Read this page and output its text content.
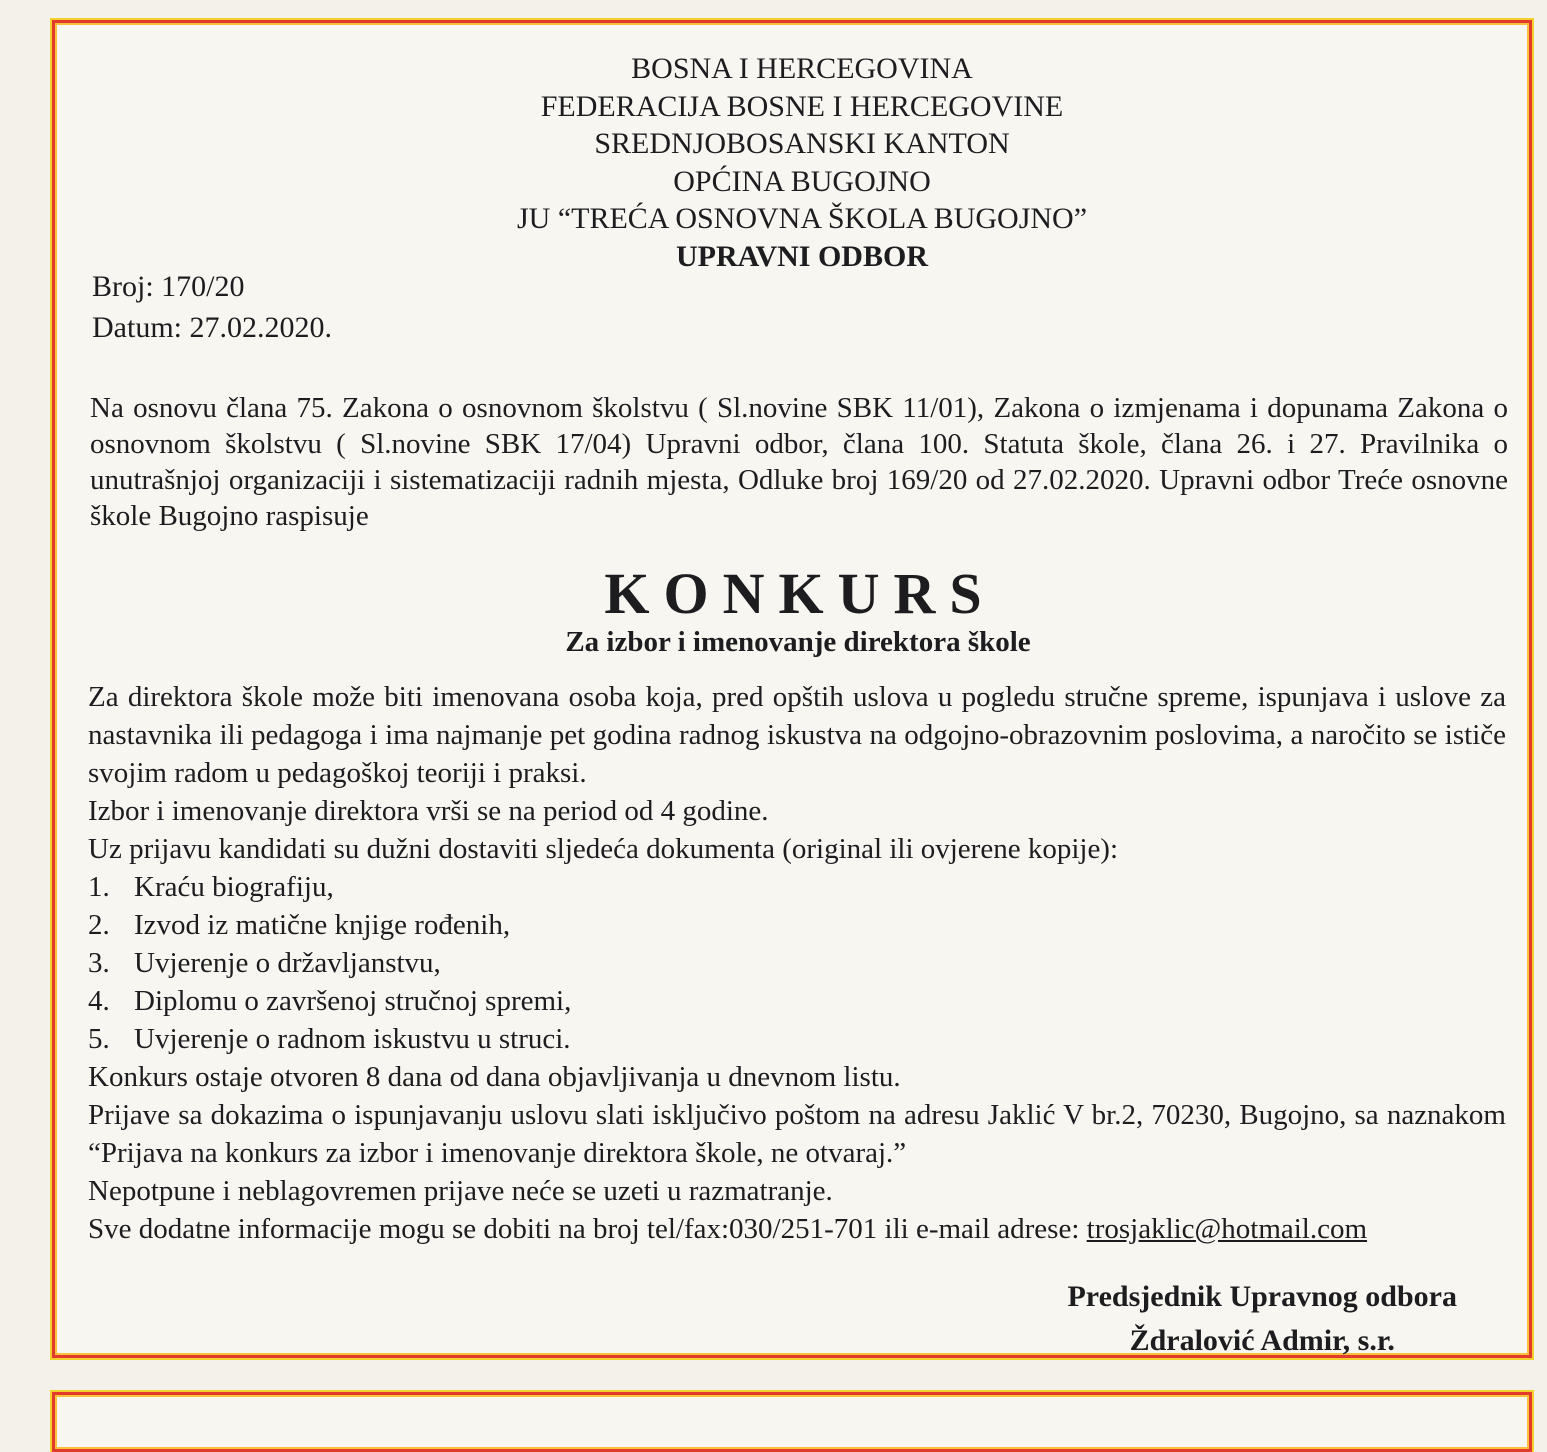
BOSNA I HERCEGOVINA
FEDERACIJA BOSNE I HERCEGOVINE
SREDNJOBOSANSKI KANTON
OPĆINA BUGOJNO
JU “TREĆA OSNOVNA ŠKOLA BUGOJNO”
UPRAVNI ODBOR
Broj: 170/20
Datum: 27.02.2020.
Na osnovu člana 75. Zakona o osnovnom školstvu ( Sl.novine SBK 11/01), Zakona o izmjenama i dopunama Zakona o osnovnom školstvu ( Sl.novine SBK 17/04) Upravni odbor, člana 100. Statuta škole, člana 26. i 27. Pravilnika o unutrašnjoj organizaciji i sistematizaciji radnih mjesta, Odluke broj 169/20 od 27.02.2020. Upravni odbor Treće osnovne škole Bugojno raspisuje
KONKURS
Za izbor i imenovanje direktora škole

Za direktora škole može biti imenovana osoba koja, pred opštih uslova u pogledu stručne spreme, ispunjava i uslove za nastavnika ili pedagoga i ima najmanje pet godina radnog iskustva na odgojno-obrazovnim poslovima, a naročito se ističe svojim radom u pedagoškoj teoriji i praksi.

Izbor i imenovanje direktora vrši se na period od 4 godine.

Uz prijavu kandidati su dužni dostaviti sljedeća dokumenta (original ili ovjerene kopije):

1. Kraću biografiju,
2. Izvod iz matične knjige rođenih,
3. Uvjerenje o državljanstvu,
4. Diplomu o završenoj stručnoj spremi,
5. Uvjerenje o radnom iskustvu u struci.

Konkurs ostaje otvoren 8 dana od dana objavljivanja u dnevnom listu.

Prijave sa dokazima o ispunjavanju uslovu slati isključivo poštom na adresu Jaklić V br.2, 70230, Bugojno, sa naznakom “Prijava na konkurs za izbor i imenovanje direktora škole, ne otvaraj.”

Nepotpune i neblagovremen prijave neće se uzeti u razmatranje.

Sve dodatne informacije mogu se dobiti na broj tel/fax:030/251-701 ili e-mail adrese: trosjaklic@hotmail.com

Predsjednik Upravnog odbora
Ždralović Admir, s.r.
